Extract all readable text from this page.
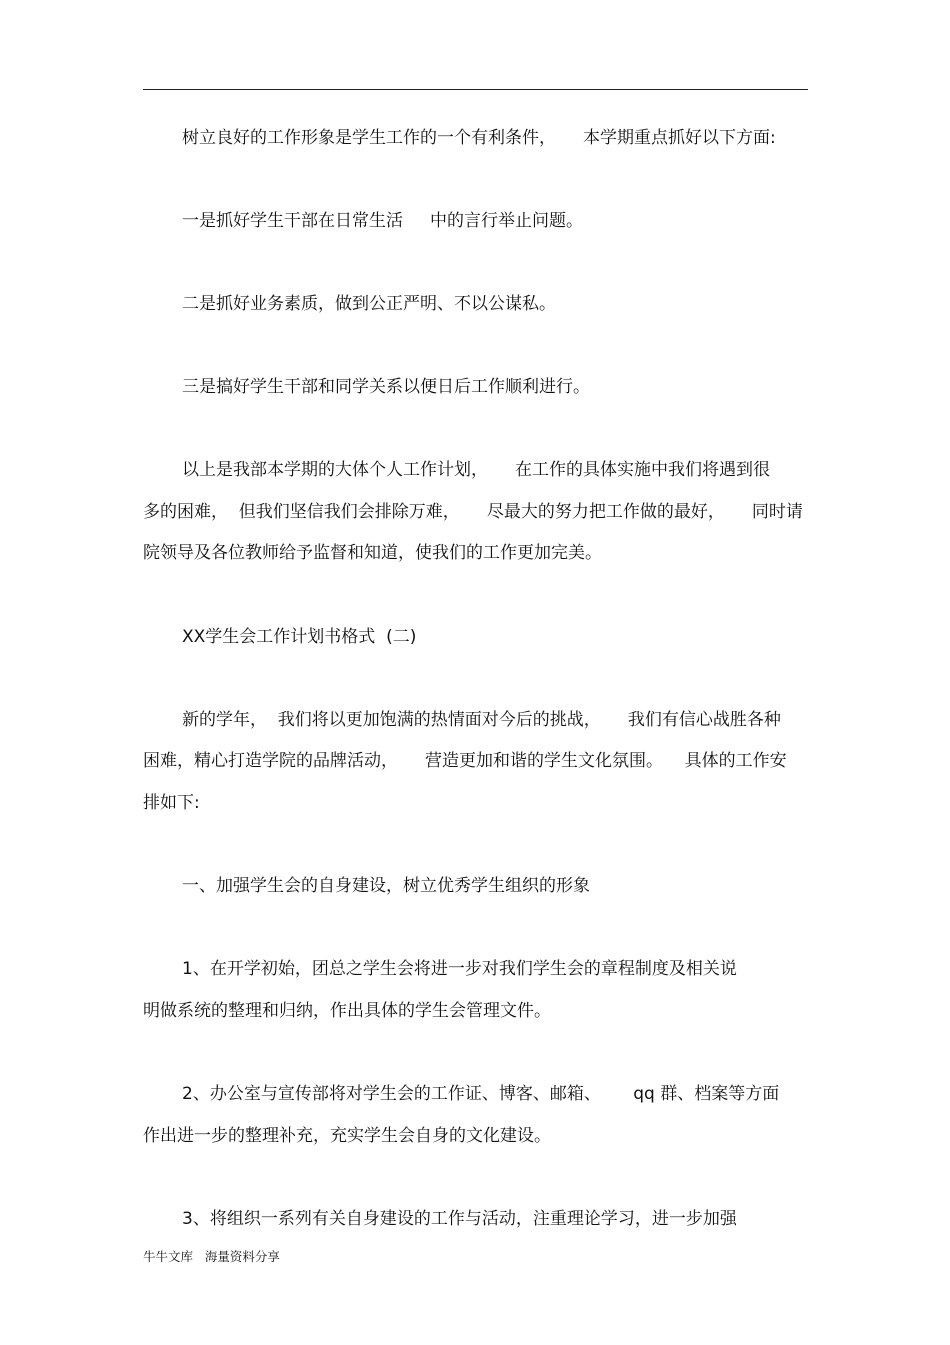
树立良好的工作形象是学生工作的一个有利条件，     本学期重点抓好以下方面:
一是抓好学生干部在日常生活     中的言行举止问题。
二是抓好业务素质，做到公正严明、不以公谋私。
三是搞好学生干部和同学关系以便日后工作顺利进行。
以上是我部本学期的大体个人工作计划，     在工作的具体实施中我们将遇到很
多的困难，  但我们坚信我们会排除万难，     尽最大的努力把工作做的最好，     同时请
院领导及各位教师给予监督和知道，使我们的工作更加完美。
XX学生会工作计划书格式  (二)
新的学年，  我们将以更加饱满的热情面对今后的挑战，     我们有信心战胜各种
困难，精心打造学院的品牌活动，     营造更加和谐的学生文化氛围。    具体的工作安
排如下:
一、加强学生会的自身建设，树立优秀学生组织的形象
1、在开学初始，团总之学生会将进一步对我们学生会的章程制度及相关说
明做系统的整理和归纳，作出具体的学生会管理文件。
2、办公室与宣传部将对学生会的工作证、博客、邮箱、      qq 群、档案等方面
作出进一步的整理补充，充实学生会自身的文化建设。
3、将组织一系列有关自身建设的工作与活动，注重理论学习，进一步加强
牛牛文库   海量资料分享
